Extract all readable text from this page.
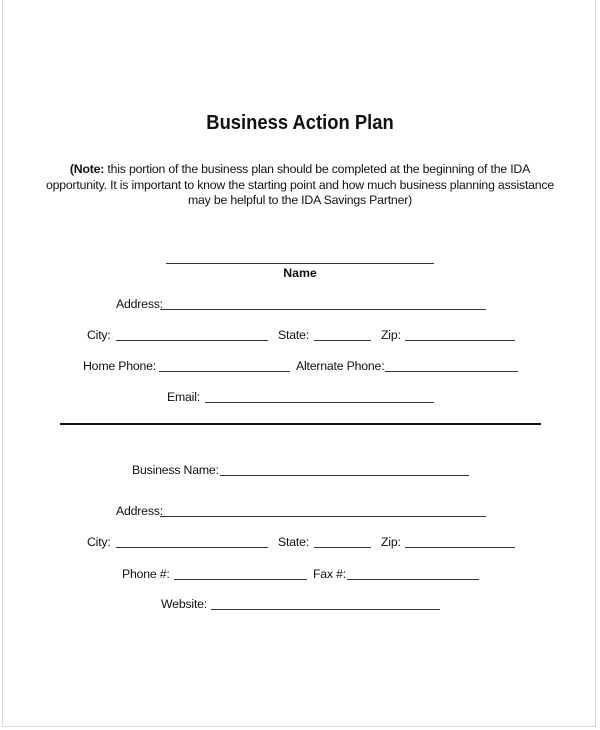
Business Action Plan
(Note: this portion of the business plan should be completed at the beginning of the IDA opportunity. It is important to know the starting point and how much business planning assistance may be helpful to the IDA Savings Partner)
Name
Address:
City:	State:	Zip:
Home Phone:	Alternate Phone:
Email:
Business Name:
Address:
City:	State:	Zip:
Phone #:	Fax #:
Website:
